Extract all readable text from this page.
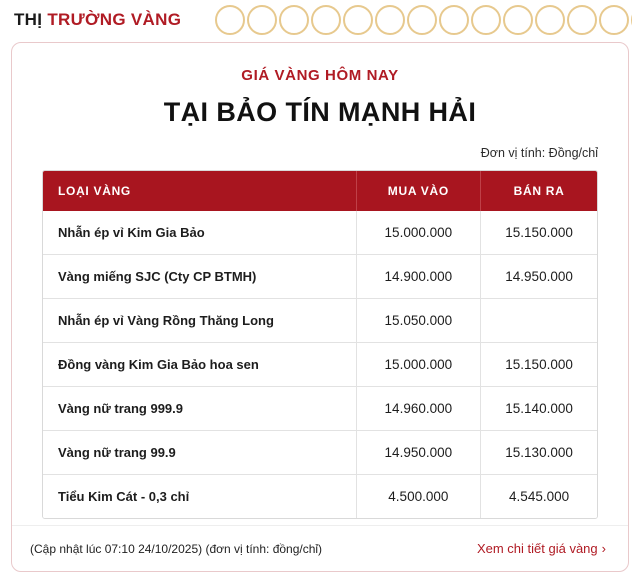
THỊ TRƯỜNG VÀNG
GIÁ VÀNG HÔM NAY
TẠI BẢO TÍN MẠNH HẢI
Đơn vị tính: Đồng/chỉ
LOẠI VÀNG	MUA VÀO	BÁN RA
Nhẫn ép vỉ Kim Gia Bảo	15.000.000	15.150.000
Vàng miếng SJC (Cty CP BTMH)	14.900.000	14.950.000
Nhẫn ép vỉ Vàng Rồng Thăng Long	15.050.000	
Đồng vàng Kim Gia Bảo hoa sen	15.000.000	15.150.000
Vàng nữ trang 999.9	14.960.000	15.140.000
Vàng nữ trang 99.9	14.950.000	15.130.000
Tiểu Kim Cát - 0,3 chỉ	4.500.000	4.545.000
(Cập nhật lúc 07:10 24/10/2025) (đơn vị tính: đồng/chỉ)	Xem chi tiết giá vàng ›
